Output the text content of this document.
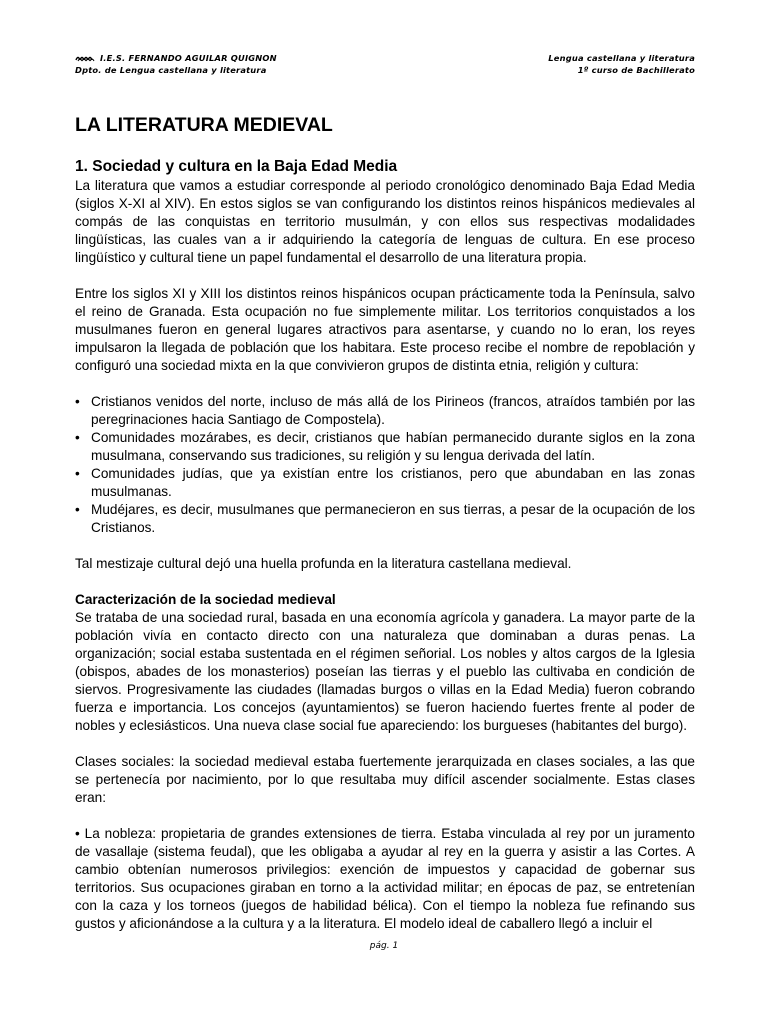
I.E.S. FERNANDO AGUILAR QUIGNON
Dpto. de Lengua castellana y literatura
Lengua castellana y literatura
1º curso de Bachillerato
LA LITERATURA MEDIEVAL
1. Sociedad y cultura en la Baja Edad Media

La literatura que vamos a estudiar corresponde al periodo cronológico denominado Baja Edad Media (siglos X-XI al XIV). En estos siglos se van configurando los distintos reinos hispánicos medievales al compás de las conquistas en territorio musulmán, y con ellos sus respectivas modalidades lingüísticas, las cuales van a ir adquiriendo la categoría de lenguas de cultura. En ese proceso lingüístico y cultural tiene un papel fundamental el desarrollo de una literatura propia.

Entre los siglos XI y XIII los distintos reinos hispánicos ocupan prácticamente toda la Península, salvo el reino de Granada. Esta ocupación no fue simplemente militar. Los territorios conquistados a los musulmanes fueron en general lugares atractivos para asentarse, y cuando no lo eran, los reyes impulsaron la llegada de población que los habitara. Este proceso recibe el nombre de repoblación y configuró una sociedad mixta en la que convivieron grupos de distinta etnia, religión y cultura:

• Cristianos venidos del norte, incluso de más allá de los Pirineos (francos, atraídos también por las peregrinaciones hacia Santiago de Compostela).
• Comunidades mozárabes, es decir, cristianos que habían permanecido durante siglos en la zona musulmana, conservando sus tradiciones, su religión y su lengua derivada del latín.
• Comunidades judías, que ya existían entre los cristianos, pero que abundaban en las zonas musulmanas.
• Mudéjares, es decir, musulmanes que permanecieron en sus tierras, a pesar de la ocupación de los Cristianos.

Tal mestizaje cultural dejó una huella profunda en la literatura castellana medieval.

Caracterización de la sociedad medieval

Se trataba de una sociedad rural, basada en una economía agrícola y ganadera. La mayor parte de la población vivía en contacto directo con una naturaleza que dominaban a duras penas. La organización; social estaba sustentada en el régimen señorial. Los nobles y altos cargos de la Iglesia (obispos, abades de los monasterios) poseían las tierras y el pueblo las cultivaba en condición de siervos. Progresivamente las ciudades (llamadas burgos o villas en la Edad Media) fueron cobrando fuerza e importancia. Los concejos (ayuntamientos) se fueron haciendo fuertes frente al poder de nobles y eclesiásticos. Una nueva clase social fue apareciendo: los burgueses (habitantes del burgo).

Clases sociales: la sociedad medieval estaba fuertemente jerarquizada en clases sociales, a las que se pertenecía por nacimiento, por lo que resultaba muy difícil ascender socialmente. Estas clases eran:

• La nobleza: propietaria de grandes extensiones de tierra. Estaba vinculada al rey por un juramento de vasallaje (sistema feudal), que les obligaba a ayudar al rey en la guerra y asistir a las Cortes. A cambio obtenían numerosos privilegios: exención de impuestos y capacidad de gobernar sus territorios. Sus ocupaciones giraban en torno a la actividad militar; en épocas de paz, se entretenían con la caza y los torneos (juegos de habilidad bélica). Con el tiempo la nobleza fue refinando sus gustos y aficionándose a la cultura y a la literatura. El modelo ideal de caballero llegó a incluir el

pág. 1
